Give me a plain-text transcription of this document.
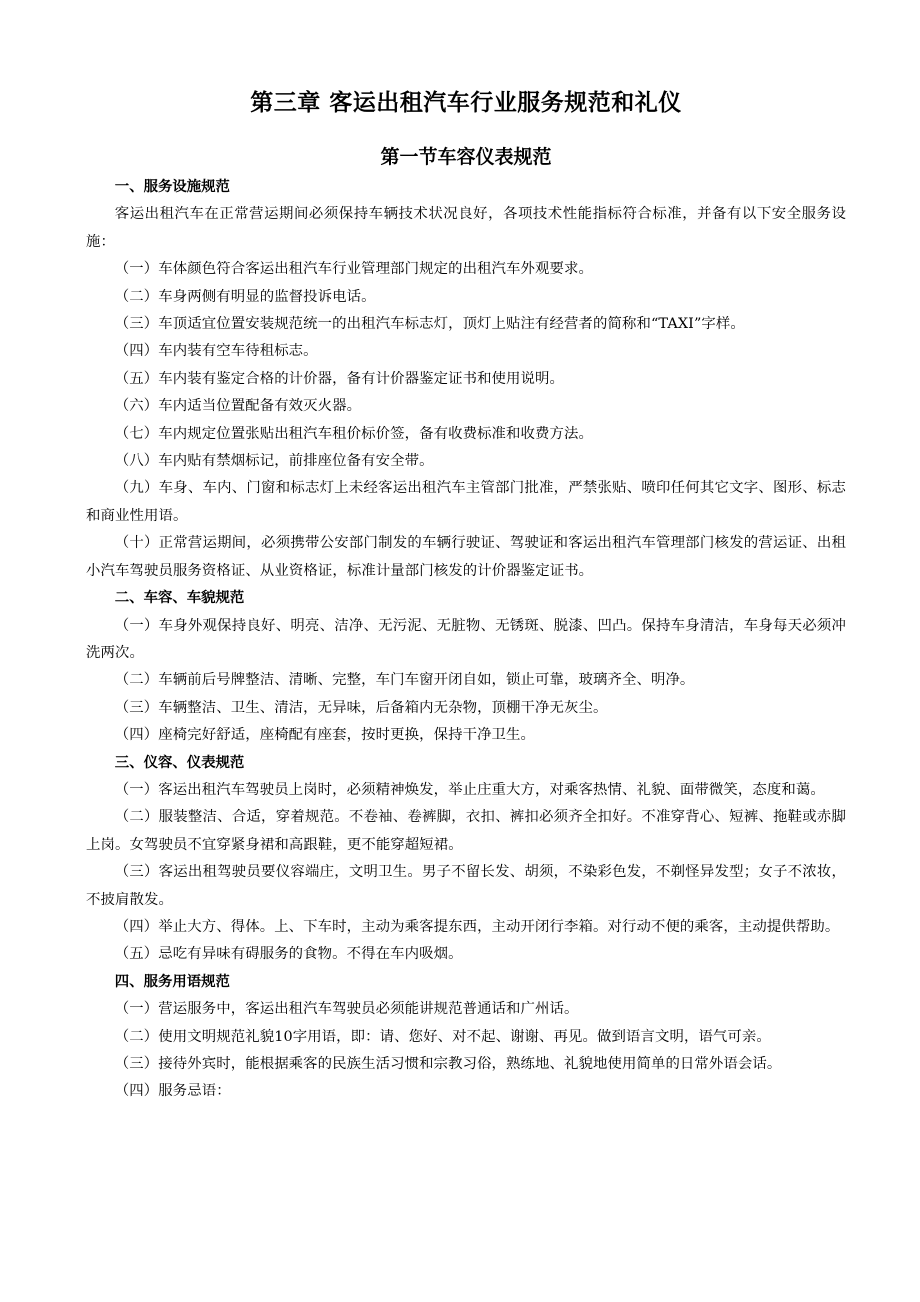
第三章 客运出租汽车行业服务规范和礼仪
第一节车容仪表规范

一、服务设施规范

客运出租汽车在正常营运期间必须保持车辆技术状况良好，各项技术性能指标符合标准，并备有以下安全服务设施：

（一）车体颜色符合客运出租汽车行业管理部门规定的出租汽车外观要求。

（二）车身两侧有明显的监督投诉电话。

（三）车顶适宜位置安装规范统一的出租汽车标志灯，顶灯上贴注有经营者的简称和“TAXI”字样。

（四）车内装有空车待租标志。

（五）车内装有鉴定合格的计价器，备有计价器鉴定证书和使用说明。

（六）车内适当位置配备有效灭火器。

（七）车内规定位置张贴出租汽车租价标价签，备有收费标准和收费方法。

（八）车内贴有禁烟标记，前排座位备有安全带。

（九）车身、车内、门窗和标志灯上未经客运出租汽车主管部门批准，严禁张贴、喷印任何其它文字、图形、标志和商业性用语。

（十）正常营运期间，必须携带公安部门制发的车辆行驶证、驾驶证和客运出租汽车管理部门核发的营运证、出租小汽车驾驶员服务资格证、从业资格证，标准计量部门核发的计价器鉴定证书。

二、车容、车貌规范

（一）车身外观保持良好、明亮、洁净、无污泥、无脏物、无锈斑、脱漆、凹凸。保持车身清洁，车身每天必须冲洗两次。

（二）车辆前后号牌整洁、清晰、完整，车门车窗开闭自如，锁止可靠，玻璃齐全、明净。

（三）车辆整洁、卫生、清洁，无异味，后备箱内无杂物，顶棚干净无灰尘。

（四）座椅完好舒适，座椅配有座套，按时更换，保持干净卫生。

三、仪容、仪表规范

（一）客运出租汽车驾驶员上岗时，必须精神焕发，举止庄重大方，对乘客热情、礼貌、面带微笑，态度和蔼。

（二）服装整洁、合适，穿着规范。不卷袖、卷裤脚，衣扣、裤扣必须齐全扣好。不准穿背心、短裤、拖鞋或赤脚上岗。女驾驶员不宜穿紧身裙和高跟鞋，更不能穿超短裙。

（三）客运出租驾驶员要仪容端庄，文明卫生。男子不留长发、胡须，不染彩色发，不剃怪异发型；女子不浓妆，不披肩散发。

（四）举止大方、得体。上、下车时，主动为乘客提东西，主动开闭行李箱。对行动不便的乘客，主动提供帮助。

（五）忌吃有异味有碍服务的食物。不得在车内吸烟。

四、服务用语规范

（一）营运服务中，客运出租汽车驾驶员必须能讲规范普通话和广州话。

（二）使用文明规范礼貌10字用语，即：请、您好、对不起、谢谢、再见。做到语言文明，语气可亲。

（三）接待外宾时，能根据乘客的民族生活习惯和宗教习俗，熟练地、礼貌地使用简单的日常外语会话。

（四）服务忌语：
